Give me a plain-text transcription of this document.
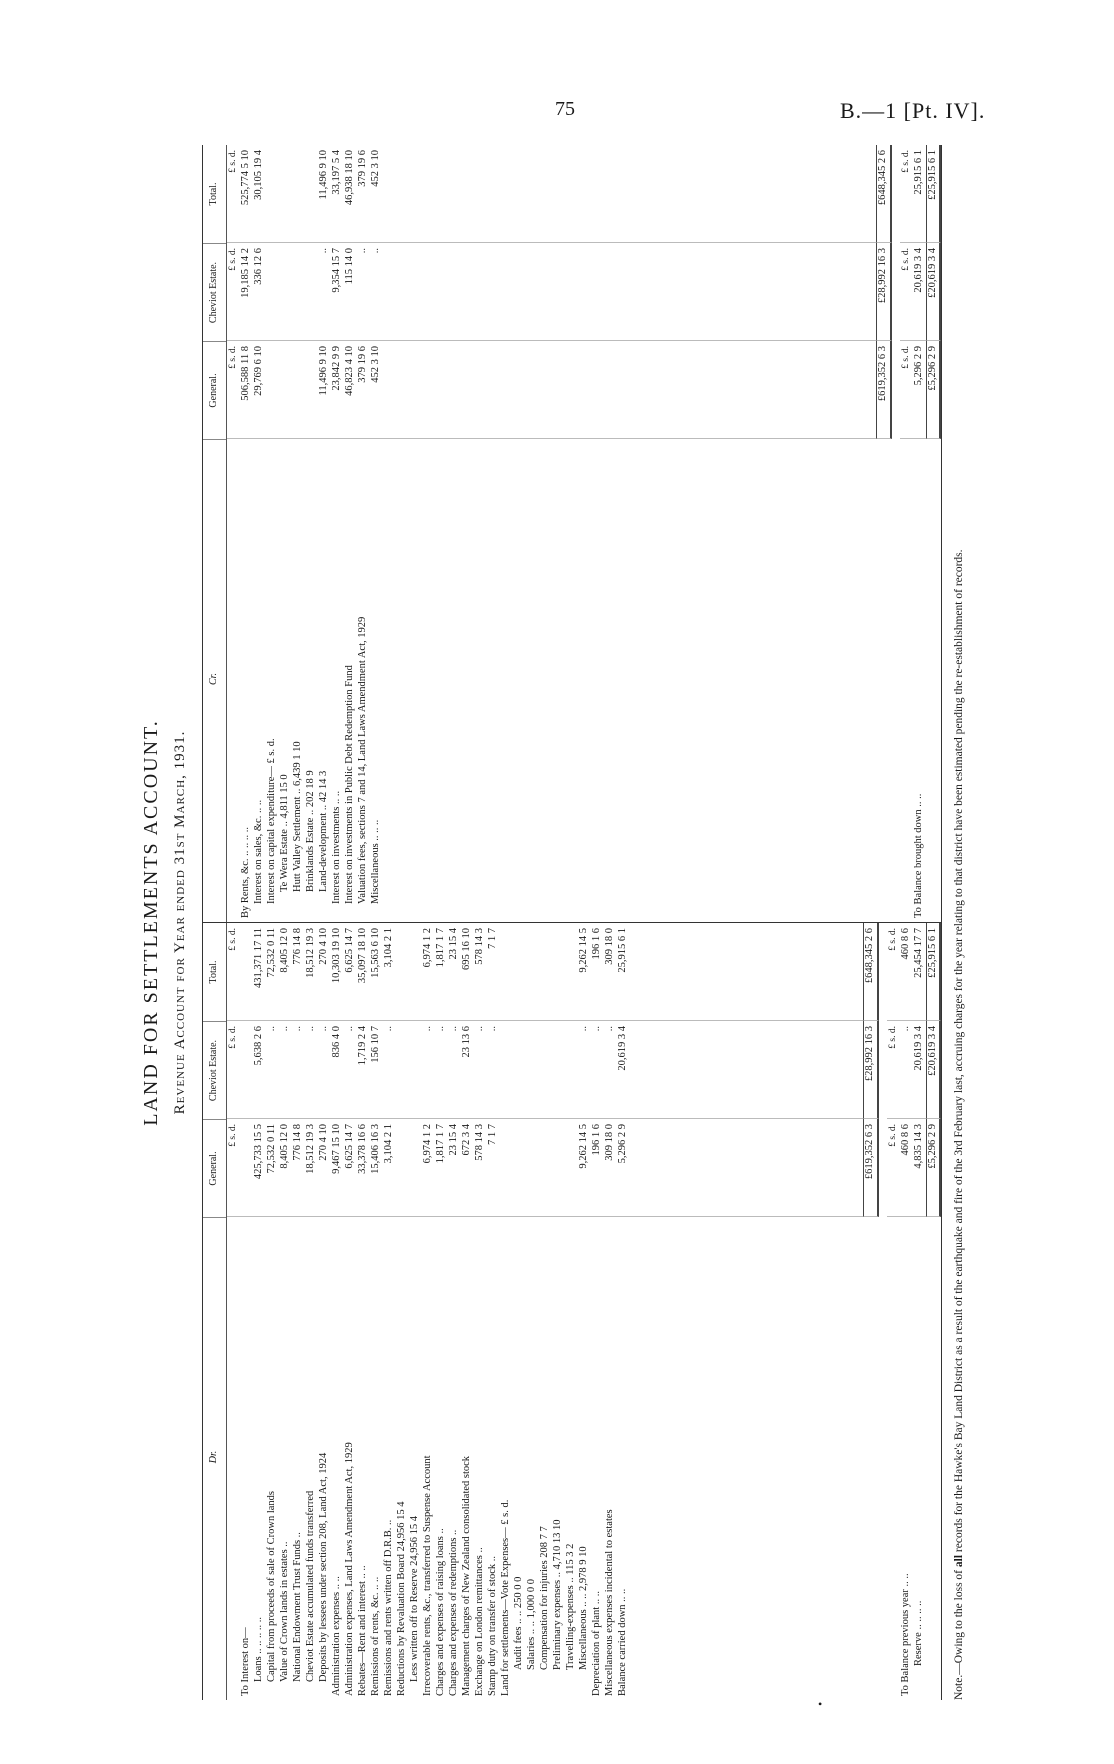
75	B.—1 [Pt. IV].
LAND FOR SETTLEMENTS ACCOUNT. Revenue Account for Year ended 31st March, 1931.
Dr.
General.
Cheviot Estate.
Total.
£ s. d.
£ s. d.
£ s. d.
To Interest on— Loans .. .. .. .. ..
425,733 15 5
5,638 2 6
431,371 17 11
Capital from proceeds of sale of Crown lands
72,532 0 11
..
72,532 0 11
Value of Crown lands in estates ..
8,405 12 0
..
8,405 12 0
National Endowment Trust Funds ..
776 14 8
..
776 14 8
Cheviot Estate accumulated funds transferred
18,512 19 3
..
18,512 19 3
Deposits by lessees under section 208, Land Act, 1924
270 4 10
..
270 4 10
Administration expenses .. ..
9,467 15 10
836 4 0
10,303 19 10
Administration expenses, Land Laws Amendment Act, 1929
6,625 14 7
..
6,625 14 7
Rebates—Rent and interest .. ..
33,378 16 6
1,719 2 4
35,097 18 10
Remissions of rents, &c. .. ..
15,406 16 3
156 10 7
15,563 6 10
Remissions and rents written off D.R.B. ..
3,104 2 1
..
3,104 2 1
Reductions by Revaluation Board 24,956 15 4 Less written off to Reserve 24,956 15 4 Irrecoverable rents, &c., transferred to Suspense Account
6,974 1 2
..
6,974 1 2
Charges and expenses of raising loans ..
1,817 1 7
..
1,817 1 7
Charges and expenses of redemptions ..
23 15 4
..
23 15 4
Management charges of New Zealand consolidated stock
672 3 4
23 13 6
695 16 10
Exchange on London remittances ..
578 14 3
..
578 14 3
Stamp duty on transfer of stock ..
7 1 7
..
7 1 7
Land for settlements—Vote Expenses— £ s. d. Audit fees .. .. 250 0 0 Salaries .. .. 1,000 0 0 Compensation for injuries 208 7 7 Preliminary expenses .. 4,710 13 10 Travelling-expenses .. 115 3 2 Miscellaneous .. .. 2,978 9 10
9,262 14 5
..
9,262 14 5
Depreciation of plant .. ..
196 1 6
..
196 1 6
Miscellaneous expenses incidental to estates
309 18 0
..
309 18 0
Balance carried down .. ..
5,296 2 9
20,619 3 4
25,915 6 1
£619,352 6 3
£28,992 16 3
£648,345 2 6
£ s. d.
£ s. d.
£ s. d.
To Balance previous year .. ..
460 8 6
..
460 8 6
Reserve .. .. .. ..
4,835 14 3
20,619 3 4
25,454 17 7
£5,296 2 9
£20,619 3 4
£25,915 6 1
Cr.
General.
Cheviot Estate.
Total.
£ s. d.
£ s. d.
£ s. d.
By Rents, &c. .. .. .. ..
506,588 11 8
19,185 14 2
525,774 5 10
Interest on sales, &c. .. ..
29,769 6 10
336 12 6
30,105 19 4
Interest on capital expenditure— £ s. d. Te Wera Estate .. 4,811 15 0 Hutt Valley Settlement .. 6,439 1 10 Brinklands Estate .. 202 18 9 Land-development .. 42 14 3
11,496 9 10
..
11,496 9 10
Interest on investments .. ..
23,842 9 9
9,354 15 7
33,197 5 4
Interest on investments in Public Debt Redemption Fund
46,823 4 10
115 14 0
46,938 18 10
Valuation fees, sections 7 and 14, Land Laws Amendment Act, 1929
379 19 6
..
379 19 6
Miscellaneous .. .. ..
452 3 10
..
452 3 10
£619,352 6 3
£28,992 16 3
£648,345 2 6
£ s. d.
£ s. d.
£ s. d.
To Balance brought down .. ..
5,296 2 9
20,619 3 4
25,915 6 1
£5,296 2 9
£20,619 3 4
£25,915 6 1
Note.—Owing to the loss of all records for the Hawke's Bay Land District as a result of the earthquake and fire of the 3rd February last, accruing charges for the year relating to that district have been estimated pending the re-establishment of records.
•
